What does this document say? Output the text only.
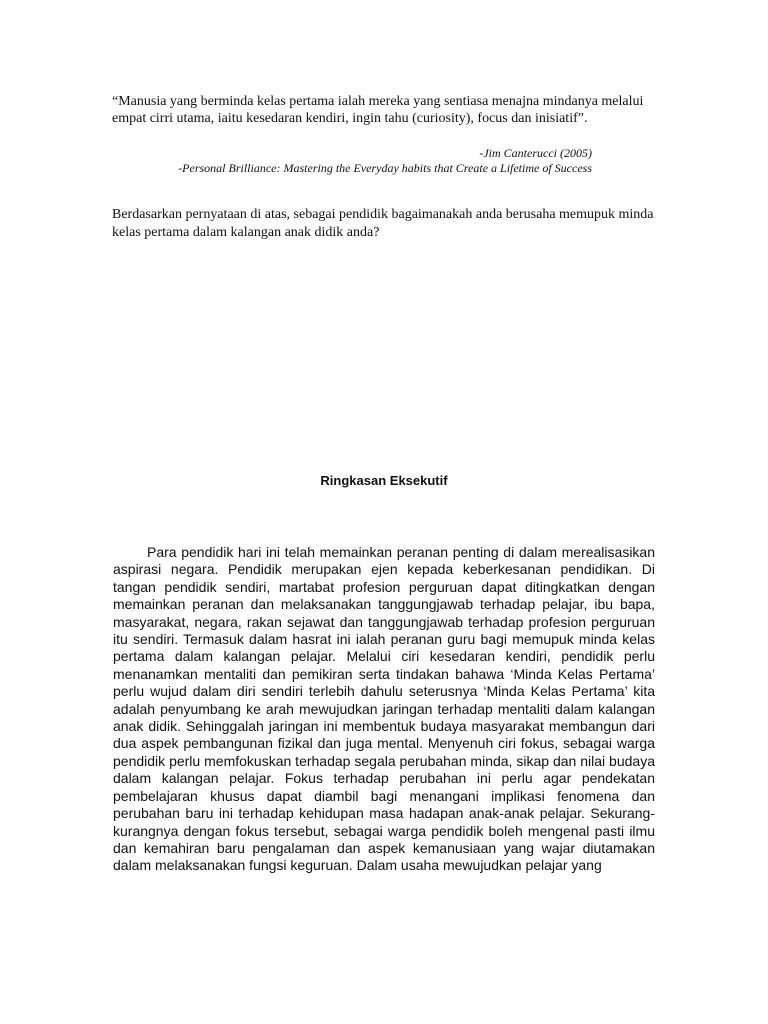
“Manusia yang berminda kelas pertama ialah mereka yang sentiasa menajna mindanya melalui empat cirri utama, iaitu kesedaran kendiri, ingin tahu (curiosity), focus dan inisiatif”.

-Jim Canterucci (2005)

-Personal Brilliance: Mastering the Everyday habits that Create a Lifetime of Success

Berdasarkan pernyataan di atas, sebagai pendidik bagaimanakah anda berusaha memupuk minda kelas pertama dalam kalangan anak didik anda?

Ringkasan Eksekutif

Para pendidik hari ini telah memainkan peranan penting di dalam merealisasikan aspirasi negara. Pendidik merupakan ejen kepada keberkesanan pendidikan. Di tangan pendidik sendiri, martabat profesion perguruan dapat ditingkatkan dengan memainkan peranan dan melaksanakan tanggungjawab terhadap pelajar, ibu bapa, masyarakat, negara, rakan sejawat dan tanggungjawab terhadap profesion perguruan itu sendiri. Termasuk dalam hasrat ini ialah peranan guru bagi memupuk minda kelas pertama dalam kalangan pelajar. Melalui ciri kesedaran kendiri, pendidik perlu menanamkan mentaliti dan pemikiran serta tindakan bahawa ‘Minda Kelas Pertama’ perlu wujud dalam diri sendiri terlebih dahulu seterusnya ‘Minda Kelas Pertama’ kita adalah penyumbang ke arah mewujudkan jaringan terhadap mentaliti dalam kalangan anak didik. Sehinggalah jaringan ini membentuk budaya masyarakat membangun dari dua aspek pembangunan fizikal dan juga mental. Menyenuh ciri fokus, sebagai warga pendidik perlu memfokuskan terhadap segala perubahan minda, sikap dan nilai budaya dalam kalangan pelajar. Fokus terhadap perubahan ini perlu agar pendekatan pembelajaran khusus dapat diambil bagi menangani implikasi fenomena dan perubahan baru ini terhadap kehidupan masa hadapan anak-anak pelajar. Sekurang-kurangnya dengan fokus tersebut, sebagai warga pendidik boleh mengenal pasti ilmu dan kemahiran baru pengalaman dan aspek kemanusiaan yang wajar diutamakan dalam melaksanakan fungsi keguruan. Dalam usaha mewujudkan pelajar yang
